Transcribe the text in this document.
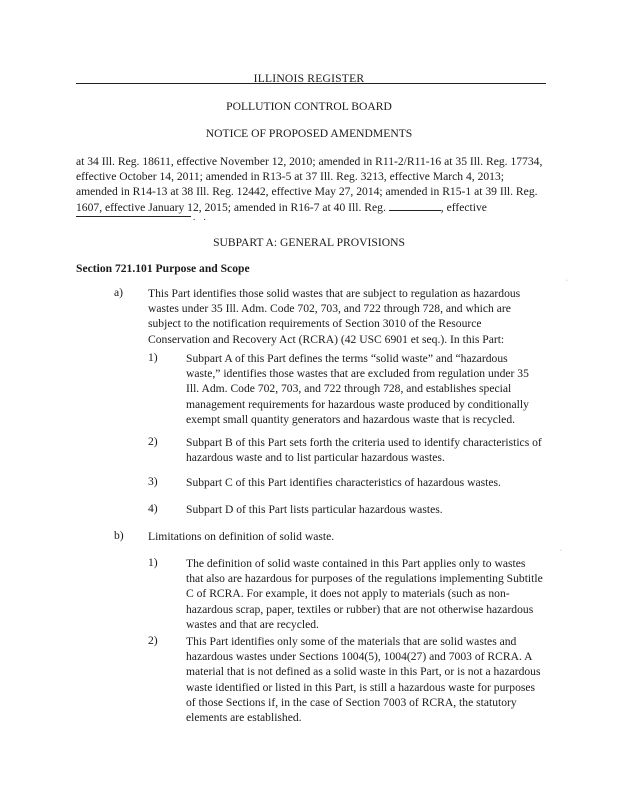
ILLINOIS REGISTER
POLLUTION CONTROL BOARD
NOTICE OF PROPOSED AMENDMENTS
at 34 Ill. Reg. 18611, effective November 12, 2010; amended in R11-2/R11-16 at 35 Ill. Reg. 17734, effective October 14, 2011; amended in R13-5 at 37 Ill. Reg. 3213, effective March 4, 2013; amended in R14-13 at 38 Ill. Reg. 12442, effective May 27, 2014; amended in R15-1 at 39 Ill. Reg. 1607, effective January 12, 2015; amended in R16-7 at 40 Ill. Reg.	, effective
. .
SUBPART A: GENERAL PROVISIONS
Section 721.101 Purpose and Scope
a) This Part identifies those solid wastes that are subject to regulation as hazardous wastes under 35 Ill. Adm. Code 702, 703, and 722 through 728, and which are subject to the notification requirements of Section 3010 of the Resource Conservation and Recovery Act (RCRA) (42 USC 6901 et seq.). In this Part:
1) Subpart A of this Part defines the terms “solid waste” and “hazardous waste,” identifies those wastes that are excluded from regulation under 35 Ill. Adm. Code 702, 703, and 722 through 728, and establishes special management requirements for hazardous waste produced by conditionally exempt small quantity generators and hazardous waste that is recycled.
2) Subpart B of this Part sets forth the criteria used to identify characteristics of hazardous waste and to list particular hazardous wastes.
3) Subpart C of this Part identifies characteristics of hazardous wastes.
4) Subpart D of this Part lists particular hazardous wastes.
b) Limitations on definition of solid waste.
1) The definition of solid waste contained in this Part applies only to wastes that also are hazardous for purposes of the regulations implementing Subtitle C of RCRA. For example, it does not apply to materials (such as non-hazardous scrap, paper, textiles or rubber) that are not otherwise hazardous wastes and that are recycled.
2) This Part identifies only some of the materials that are solid wastes and hazardous wastes under Sections 1004(5), 1004(27) and 7003 of RCRA. A material that is not defined as a solid waste in this Part, or is not a hazardous waste identified or listed in this Part, is still a hazardous waste for purposes of those Sections if, in the case of Section 7003 of RCRA, the statutory elements are established.
·
·
